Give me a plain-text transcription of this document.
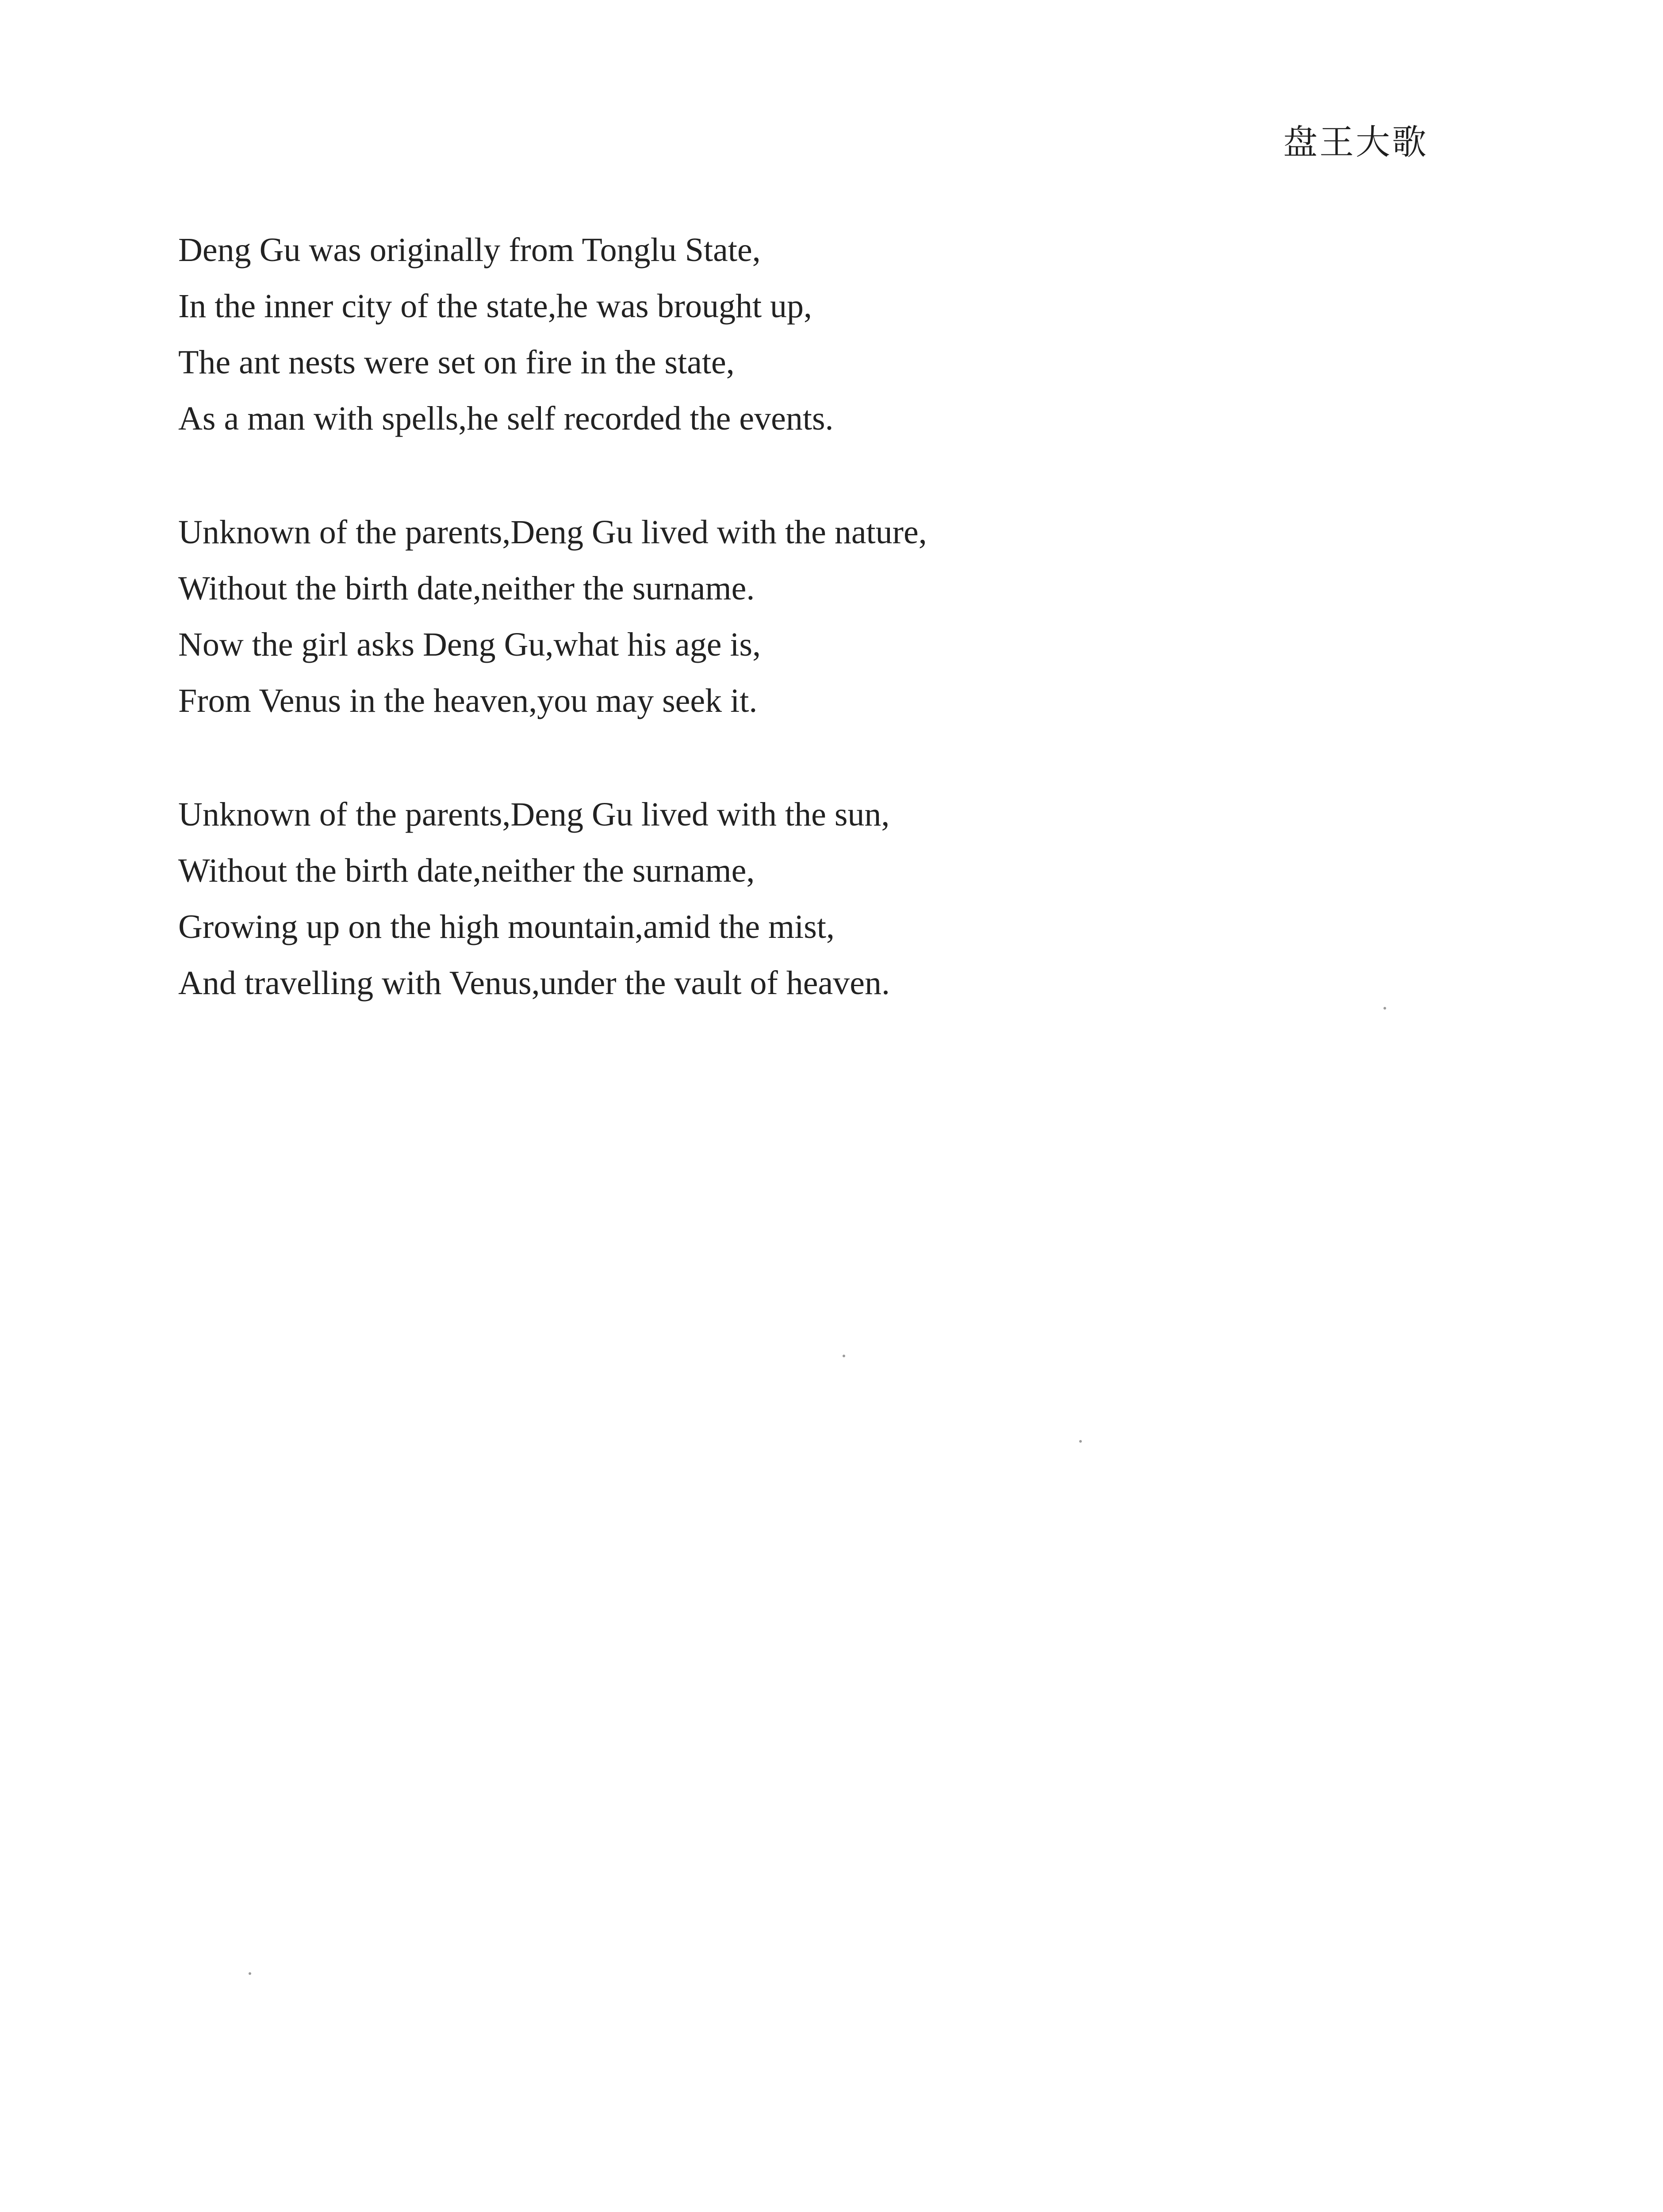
盘王大歌
Deng Gu was originally from Tonglu State,
In the inner city of the state,he was brought up,
The ant nests were set on fire in the state,
As a man with spells,he self recorded the events.
Unknown of the parents,Deng Gu lived with the nature,
Without the birth date,neither the surname.
Now the girl asks Deng Gu,what his age is,
From Venus in the heaven,you may seek it.
Unknown of the parents,Deng Gu lived with the sun,
Without the birth date,neither the surname,
Growing up on the high mountain,amid the mist,
And travelling with Venus,under the vault of heaven.
